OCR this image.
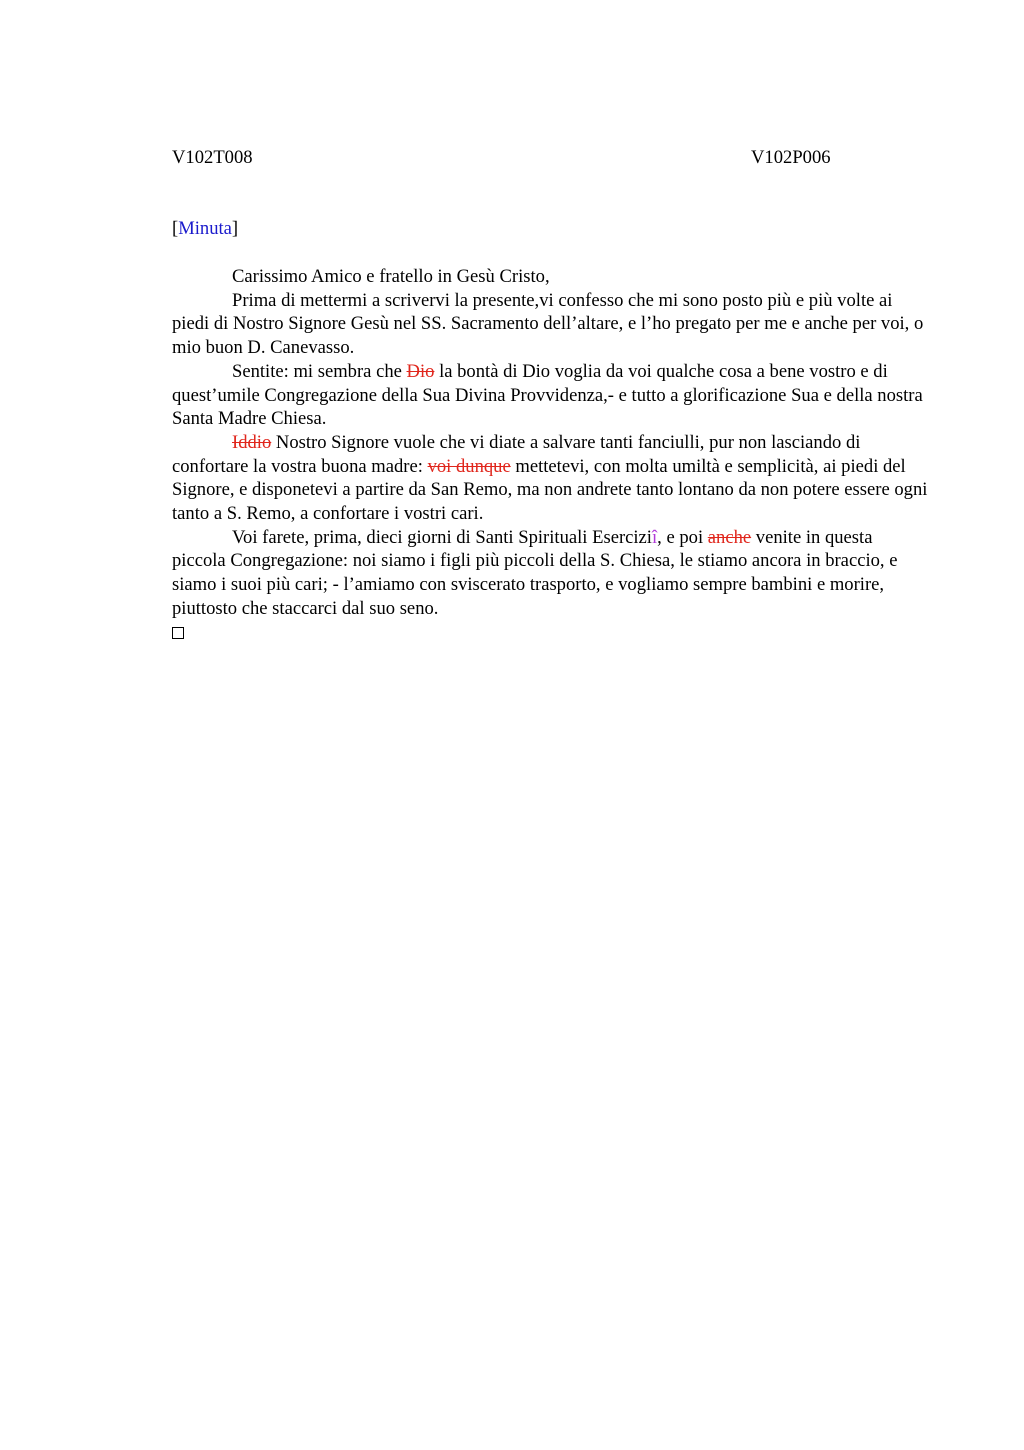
V102T008	V102P006
[Minuta]

Carissimo Amico e fratello in Gesù Cristo,

Prima di mettermi a scrivervi la presente,vi confesso che mi sono posto più e più volte ai piedi di Nostro Signore Gesù nel SS. Sacramento dell’altare, e l’ho pregato per me e anche per voi, o mio buon D. Canevasso.

Sentite: mi sembra che Dio la bontà di Dio voglia da voi qualche cosa a bene vostro e di quest’umile Congregazione della Sua Divina Provvidenza,- e tutto a glorificazione Sua e della nostra Santa Madre Chiesa.

Iddio Nostro Signore vuole che vi diate a salvare tanti fanciulli, pur non lasciando di confortare la vostra buona madre: voi dunque mettetevi, con molta umiltà e semplicità, ai piedi del Signore, e disponetevi a partire da San Remo, ma non andrete tanto lontano da non potere essere ogni tanto a S. Remo, a confortare i vostri cari.

Voi farete, prima, dieci giorni di Santi Spirituali Eserciziî, e poi anche venite in questa piccola Congregazione: noi siamo i figli più piccoli della S. Chiesa, le stiamo ancora in braccio, e siamo i suoi più cari; - l’amiamo con sviscerato trasporto, e vogliamo sempre bambini e morire, piuttosto che staccarci dal suo seno.
